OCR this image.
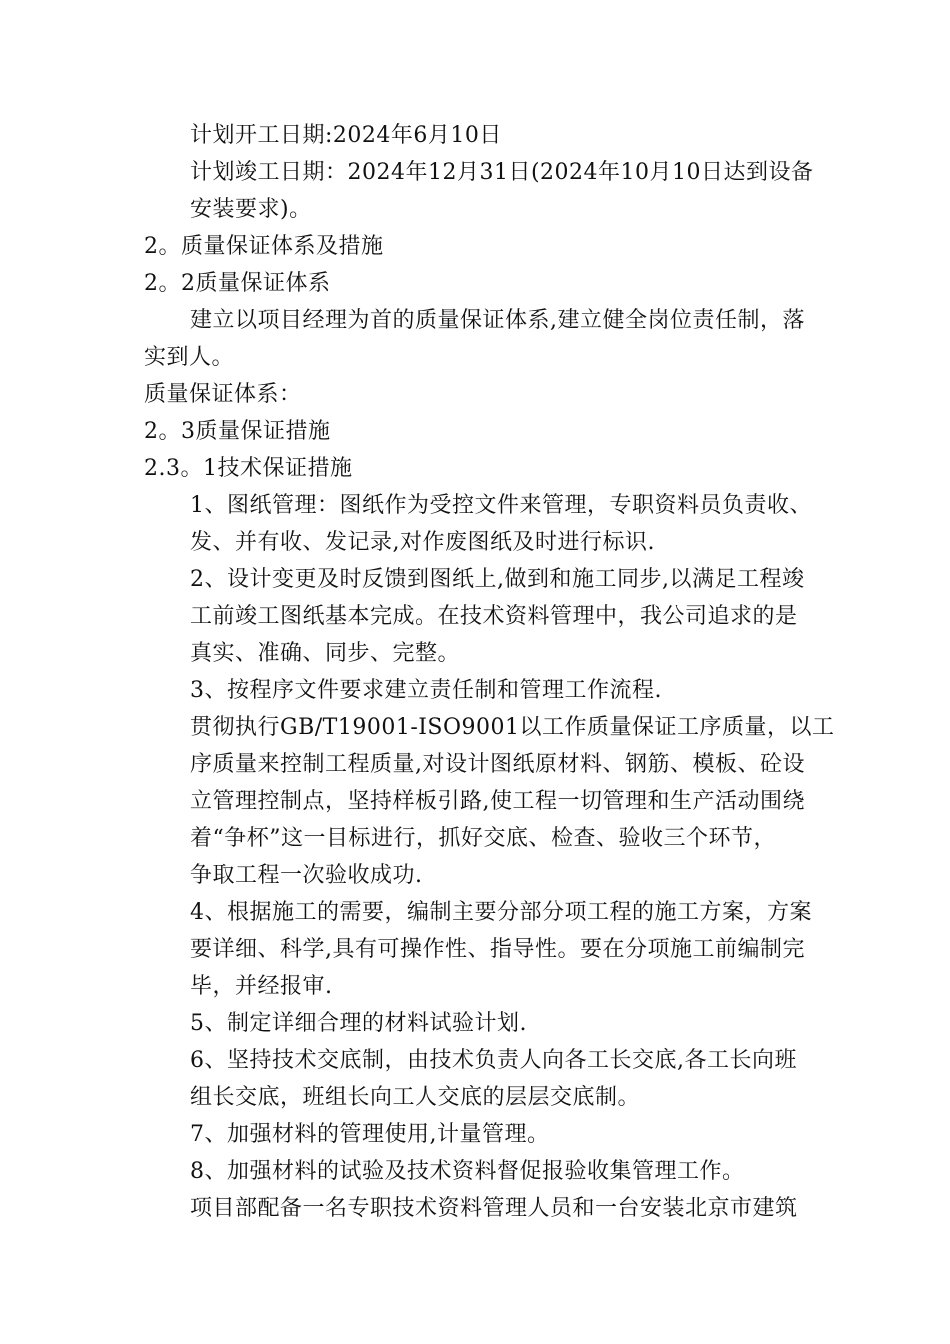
计划开工日期:2024年6月10日
计划竣工日期：2024年12月31日(2024年10月10日达到设备
安装要求)。
2。质量保证体系及措施
2。2质量保证体系
建立以项目经理为首的质量保证体系,建立健全岗位责任制，落
实到人。
质量保证体系：
2。3质量保证措施
2.3。1技术保证措施
1、图纸管理：图纸作为受控文件来管理，专职资料员负责收、
发、并有收、发记录,对作废图纸及时进行标识.
2、设计变更及时反馈到图纸上,做到和施工同步,以满足工程竣
工前竣工图纸基本完成。在技术资料管理中，我公司追求的是
真实、准确、同步、完整。
3、按程序文件要求建立责任制和管理工作流程.
贯彻执行GB/T19001-ISO9001以工作质量保证工序质量，以工
序质量来控制工程质量,对设计图纸原材料、钢筋、模板、砼设
立管理控制点，坚持样板引路,使工程一切管理和生产活动围绕
着“争杯”这一目标进行，抓好交底、检查、验收三个环节，
争取工程一次验收成功.
4、根据施工的需要，编制主要分部分项工程的施工方案，方案
要详细、科学,具有可操作性、指导性。要在分项施工前编制完
毕，并经报审.
5、制定详细合理的材料试验计划.
6、坚持技术交底制，由技术负责人向各工长交底,各工长向班
组长交底，班组长向工人交底的层层交底制。
7、加强材料的管理使用,计量管理。
8、加强材料的试验及技术资料督促报验收集管理工作。
项目部配备一名专职技术资料管理人员和一台安装北京市建筑
